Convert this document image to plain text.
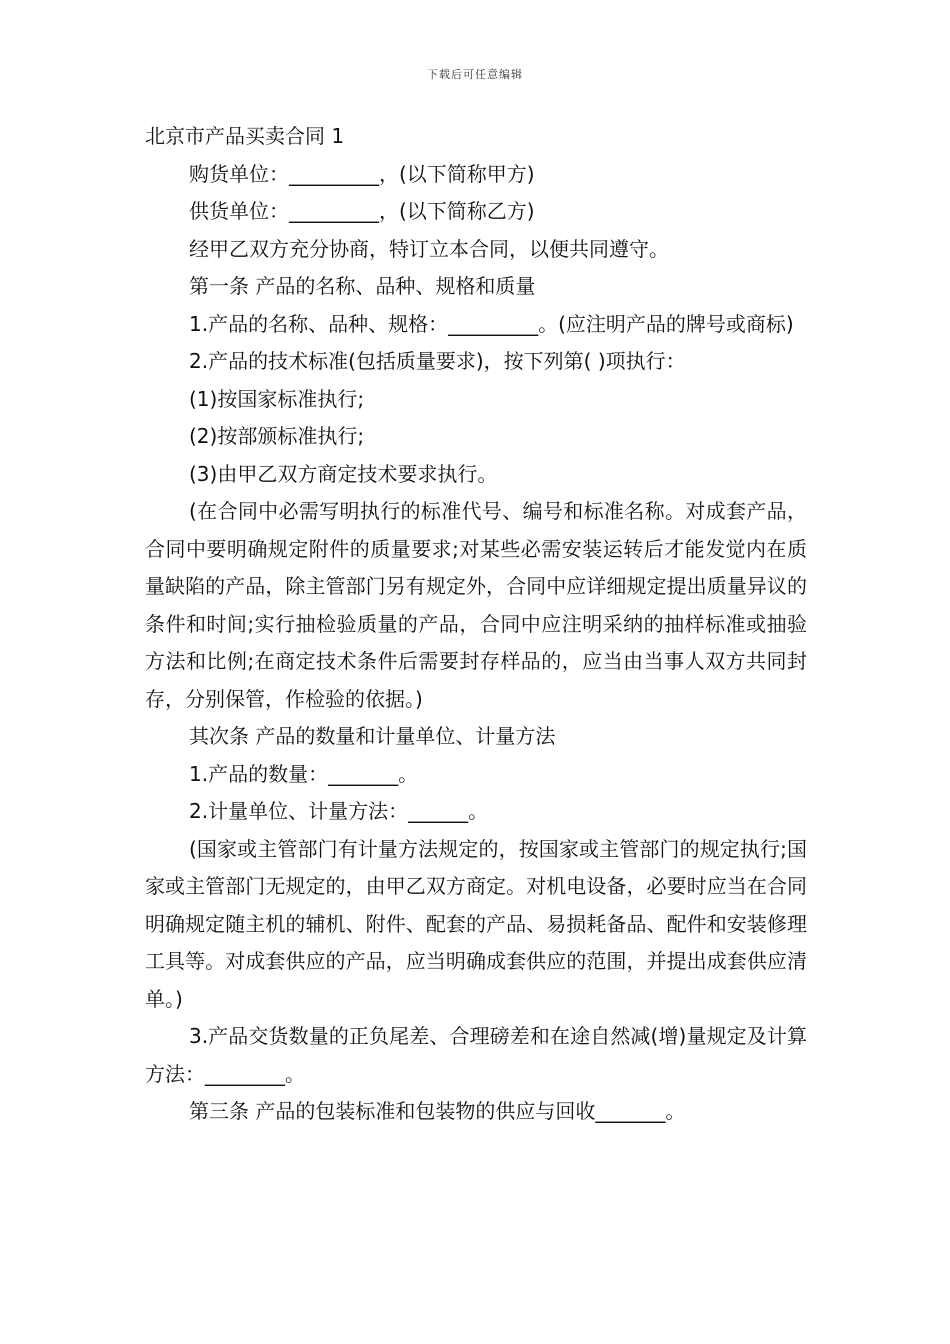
下载后可任意编辑

北京市产品买卖合同 1

购货单位：_________，(以下简称甲方)

供货单位：_________，(以下简称乙方)

经甲乙双方充分协商，特订立本合同，以便共同遵守。

第一条 产品的名称、品种、规格和质量

1.产品的名称、品种、规格：_________。(应注明产品的牌号或商标)

2.产品的技术标准(包括质量要求)，按下列第( )项执行：

(1)按国家标准执行;

(2)按部颁标准执行;

(3)由甲乙双方商定技术要求执行。

(在合同中必需写明执行的标准代号、编号和标准名称。对成套产品，合同中要明确规定附件的质量要求;对某些必需安装运转后才能发觉内在质量缺陷的产品，除主管部门另有规定外，合同中应详细规定提出质量异议的条件和时间;实行抽检验质量的产品，合同中应注明采纳的抽样标准或抽验方法和比例;在商定技术条件后需要封存样品的，应当由当事人双方共同封存，分别保管，作检验的依据。)

其次条 产品的数量和计量单位、计量方法

1.产品的数量：_______。

2.计量单位、计量方法：______。

(国家或主管部门有计量方法规定的，按国家或主管部门的规定执行;国家或主管部门无规定的，由甲乙双方商定。对机电设备，必要时应当在合同明确规定随主机的辅机、附件、配套的产品、易损耗备品、配件和安装修理工具等。对成套供应的产品，应当明确成套供应的范围，并提出成套供应清单。)

3.产品交货数量的正负尾差、合理磅差和在途自然减(增)量规定及计算方法：________。

第三条 产品的包装标准和包装物的供应与回收_______。
